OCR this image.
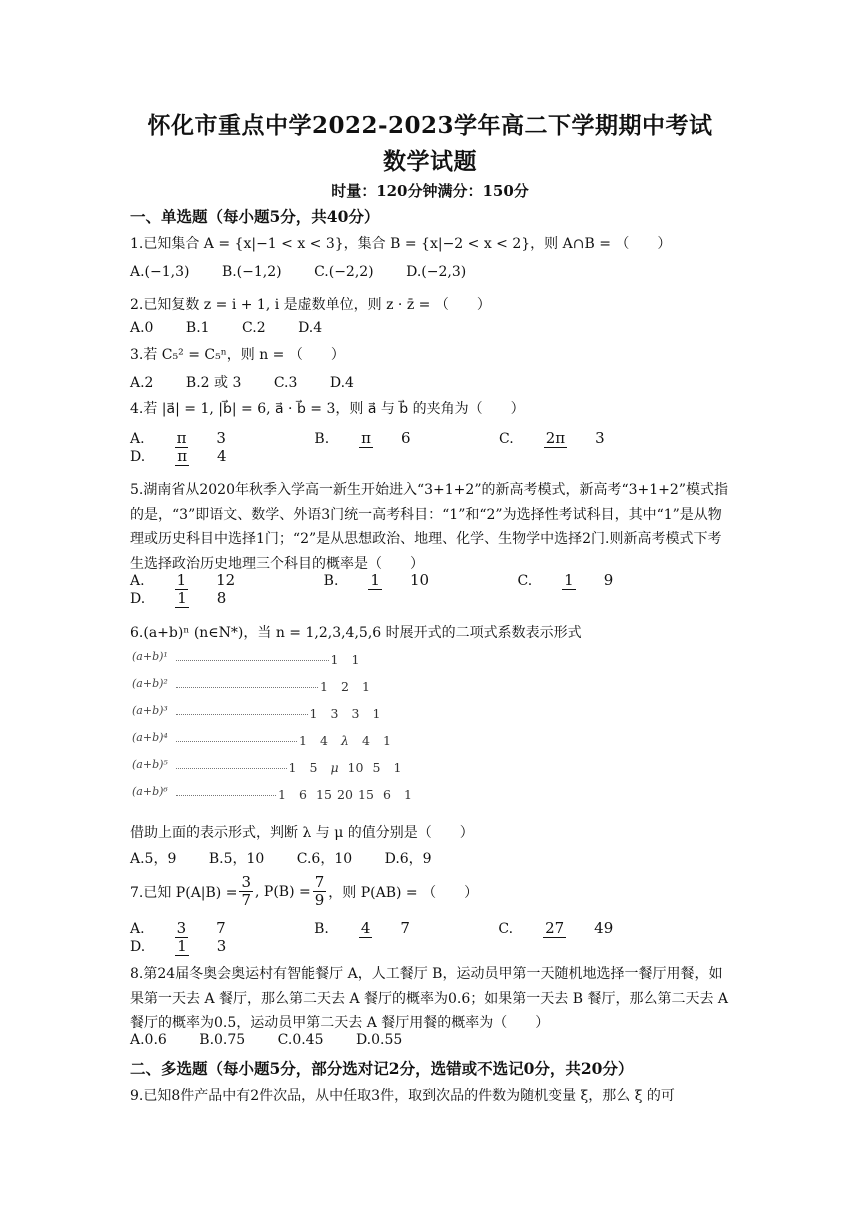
怀化市重点中学2022-2023学年高二下学期期中考试
数学试题
时量：120分钟满分：150分
一、单选题（每小题5分，共40分）
1.已知集合 A = {x|−1 < x < 3}，集合 B = {x|−2 < x < 2}，则 A∩B = （　　）
A.(−1,3) B.(−1,2) C.(−2,2) D.(−2,3)
2.已知复数 z = i + 1, i 是虚数单位，则 z · z̄ = （　　）
A.0 B.1 C.2 D.4
3.若 C₅² = C₅ⁿ，则 n = （　　）
A.2 B.2 或 3 C.3 D.4
4.若 |a⃗| = 1, |b⃗| = 6, a⃗ · b⃗ = 3，则 a⃗ 与 b⃗ 的夹角为（　　）
A. π 3	B. π 6	C. 2π 3 D. π 4
5.湖南省从2020年秋季入学高一新生开始进入“3+1+2”的新高考模式，新高考“3+1+2”模式指的是，“3”即语文、数学、外语3门统一高考科目：“1”和“2”为选择性考试科目，其中“1”是从物理或历史科目中选择1门；“2”是从思想政治、地理、化学、生物学中选择2门.则新高考模式下考生选择政治历史地理三个科目的概率是（　　）
A. 1 12	B. 1 10	C. 1 9 D. 1 8
6.(a+b)ⁿ (n∈N*)，当 n = 1,2,3,4,5,6 时展开式的二项式系数表示形式
(a+b)¹	1	1
(a+b)²	1	2	1
(a+b)³	1	3	3	1
(a+b)⁴	1	4	λ	4	1
(a+b)⁵	1	5	μ 10 5	1
(a+b)⁶	1	6 15 20 15 6	1
借助上面的表示形式，判断 λ 与 μ 的值分别是（　　）
A.5，9 B.5，10 C.6，10 D.6，9
7.已知 $P(A|B) = \frac{3}{7}$ , $P(B) = \frac{7}{9}$ ，则 P(AB) = （　　）
A. 3 7	B. 4 7	C. 27 49 D. 1 3
8.第24届冬奥会奥运村有智能餐厅 A，人工餐厅 B，运动员甲第一天随机地选择一餐厅用餐，如果第一天去 A 餐厅，那么第二天去 A 餐厅的概率为0.6；如果第一天去 B 餐厅，那么第二天去 A 餐厅的概率为0.5，运动员甲第二天去 A 餐厅用餐的概率为（　　）
A.0.6 B.0.75 C.0.45 D.0.55
二、多选题（每小题5分，部分选对记2分，选错或不选记0分，共20分）
9.已知8件产品中有2件次品，从中任取3件，取到次品的件数为随机变量 ξ，那么 ξ 的可
